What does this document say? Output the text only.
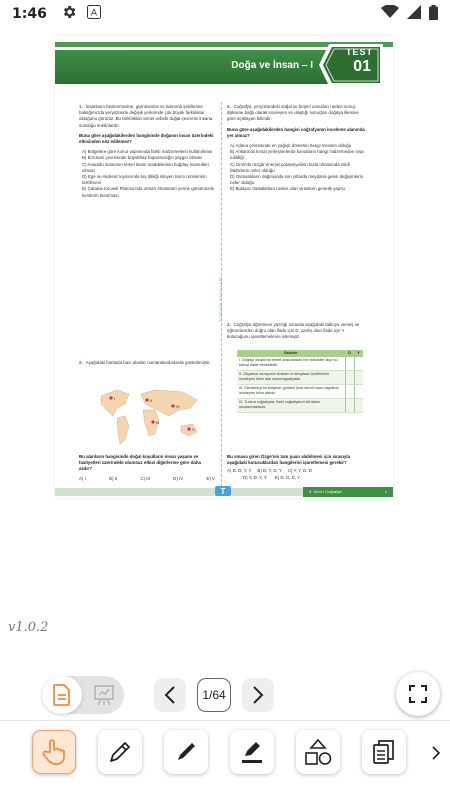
1:46	A
Doğa ve İnsan – I
TEST
01
TÜMLER YAYINLARI
1. İnsanların beslenmesine, giyinmesine ve barınma şekillerine baktığımızda yeryüzünde değişik yerlerinde çok büyük farklılıklar olduğunu görürüz. Bu farklılıkları temel sebebi doğal çevrenin insana sunduğu imkânlardır.
Buna göre aşağıdakilerden hangisinde doğanın insan üzerindeki etkisinden söz edilemez?
A) Bölgelere göre konut yapımında farklı malzemelerin kullanılması
B) Erzurum çevresinde büyükbaş hayvancılığın yaygın olması
C) Anadolu insanının temel besin maddelerinin buğday mamulleri olması
D) Ege ve Akdeniz kıyılarında kış dikliği isteyen tarım ürünlerinin üretilmesi
E) Çatalca-Kocaeli Platosu'nda orman örtüsünün yerine günümüzde kentlerin kurulması
2. Aşağıdaki haritada bazı alanlar numaralandırılarak gösterilmiştir.
I	II
III
IV
V
Bu alanların hangisinde doğal koşulların insan yaşamı ve faaliyetleri üzerindeki olumsuz etkisi diğerlerine göre daha azdır?
A) I	B) II	C) III	D) IV	E) V
3. Coğrafya, yeryüzündeki doğal ve beşeri unsurları neden-sonuç ilişkisine bağlı olarak inceleyen ve ulaştığı sonuçları doğaya ilkesine göre açıklayan bilimdir.
Buna göre aşağıdakilerden hangisi coğrafyanın inceleme alanında yer almaz?
A) Adana çevresinde en yağışlı dönemin hangi mevsim olduğu
B) Ankara'da kırsal yerleşmelerde konutların hangi malzemeden inşa edildiği
C) İzmir'de rüzgâr enerjisi potansiyelinin fazla olmasında etkili faktörlerin neler olduğu
D) Osmanlıların dağılışında son yıllarda meydana gelen değişimlerin neler olduğu
E) Bulaşıcı hastalıklara neden olan virüslerin genetik yapısı
4. Coğrafya öğretmeni yazılığı sınavda aşağıdaki tabloyu vermiş ve öğrencilerden doğru olan ifade için D, yanlış olan ifade için Y kutucuğunu işaretlemelerini istemiştir.
İfadeler	D	Y
I. Doğayı oluşturan temel unsurlardan biri hidrosfer olup su küreyi ifade etmektedir.
II. Okyanus suларının fiziksel ve kimyasal özelliklerini inceleyen bilim dalı oseonografiyadır.
III. Klimatoloji bir bölgede görülen kısa süreli hava olaylarını inceleyen bilim dalıdır.
IV. Turizm coğrafyası, fiziki coğrafyanın alt dalını oluşturmaktadır.
Bu sınava giren Özge'nin tam puan alabilmesi için sırasıyla aşağıdaki kutucuklardan hangilerini işaretlemesi gerekir?
A) D, D, Y, Y B) D, Y, D, Y C) Y, Y, D, D
D) Y, D, Y, Y E) D, D, D, Y
T	9. Sınıf • Coğrafya	1
v1.0.2
1/64
